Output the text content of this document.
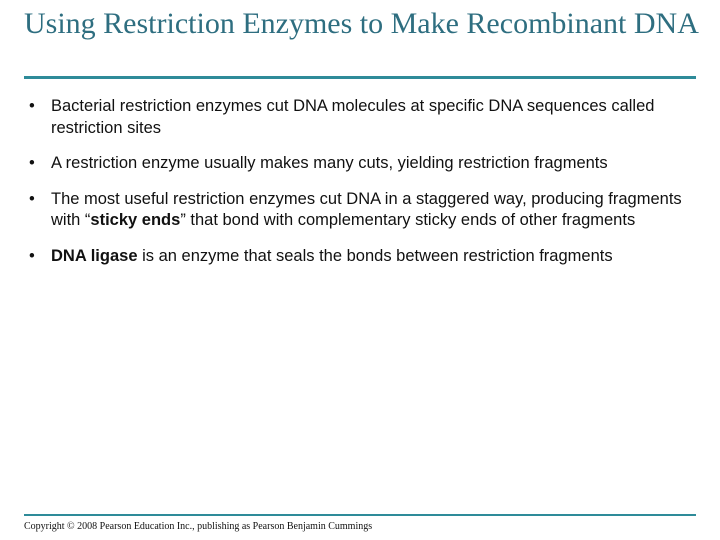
Using Restriction Enzymes to Make Recombinant DNA
• Bacterial restriction enzymes cut DNA molecules at specific DNA sequences called restriction sites
• A restriction enzyme usually makes many cuts, yielding restriction fragments
• The most useful restriction enzymes cut DNA in a staggered way, producing fragments with “sticky ends” that bond with complementary sticky ends of other fragments
• DNA ligase is an enzyme that seals the bonds between restriction fragments
Copyright © 2008 Pearson Education Inc., publishing as Pearson Benjamin Cummings
